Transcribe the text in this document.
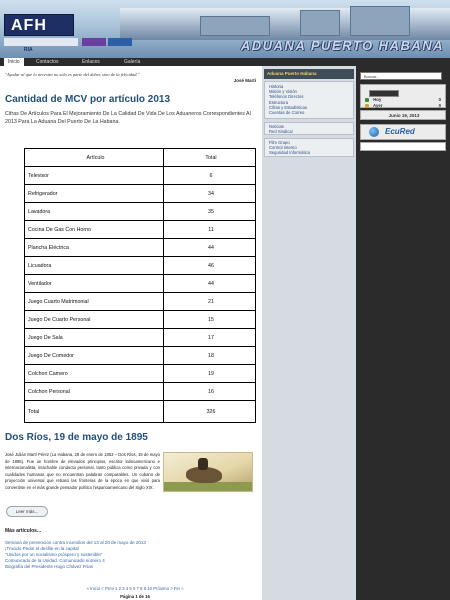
AFH
RIA	ADUANA PUERTO HABANA
Inicio	Contactos	Enlaces	Galería
"Ayudar al que lo necesita no sólo es parte del deber, sino de la felicidad."
José Martí
Cantidad de MCV por artículo 2013
Cifras De Artículos Para El Mejoramiento De La Calidad De Vida De Los Aduaneros Correspondientes Al 2013 Para La Aduana Del Puerto De La Habana.
Artículo	Total
Televisor	6
Refrigerador	34
Lavadora	35
Cocina De Gas Con Horno	11
Plancha Eléctrica	44
Licuadora	46
Ventilador	44
Juego Cuarto Matrimonial	21
Juego De Cuarto Personal	15
Juego De Sala	17
Juego De Comedor	18
Colchon Camero	19
Colchon Personal	16
Total	326
Dos Ríos, 19 de mayo de 1895
José Julián Martí Pérez (La Habana, 28 de enero de 1853 – Dos Ríos, 19 de mayo de 1895). Fue un hombre de elevados principios, escritor latinoamericano e internacionalista, intachable conducta personal, tanto pública como privada y con cualidades humanas que no encuentran palabras comparables. Un cubano de proyección universal que rebasó las fronteras de la época en que vivió para convertirse en el más grande pensador político hispanoamericano del Siglo XIX.
Leer más...
Más artículos...
Semana de prevención contra incendios del 13 al 20 de mayo de 2013
¡Trucido Pedo! el desfile en la capital
"Unidos por un socialismo próspero y sostenible"
Comunicado de la Unidad. Comunicado número 4
Biografía del Presidente Hugo Chávez Frías
« Inicio < Prev 1 2 3 4 5 6 7 8 9 10 Próximo > Fin »
Página 1 de 16
Aduana Puerto Habana
Historia
Misión y Visión
Teléfonos Directos
Estructura
Cifras y Estadísticas
Cuentas de Correo
Noticias
Red Sindical
Film Grupo
Control Interno
Seguridad Informática
Buscar...
Hoy	0
Ayer	0
Junio 19, 2013
EcuRed
